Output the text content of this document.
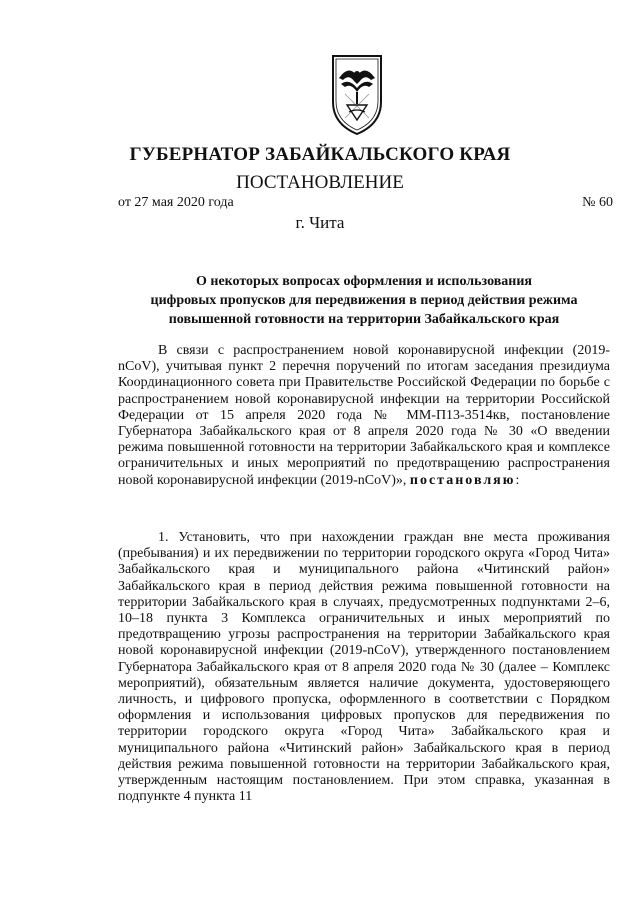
ГУБЕРНАТОР ЗАБАЙКАЛЬСКОГО КРАЯ
ПОСТАНОВЛЕНИЕ
от 27 мая 2020 года	№ 60
г. Чита
О некоторых вопросах оформления и использования
цифровых пропусков для передвижения в период действия режима
повышенной готовности на территории Забайкальского края

В связи с распространением новой коронавирусной инфекции (2019-nCoV), учитывая пункт 2 перечня поручений по итогам заседания президиума Координационного совета при Правительстве Российской Федерации по борьбе с распространением новой коронавирусной инфекции на территории Российской Федерации от 15 апреля 2020 года № ММ-П13-3514кв, постановление Губернатора Забайкальского края от 8 апреля 2020 года № 30 «О введении режима повышенной готовности на территории Забайкальского края и комплексе ограничительных и иных мероприятий по предотвращению распространения новой коронавирусной инфекции (2019-nCoV)», постановляю:

1. Установить, что при нахождении граждан вне места проживания (пребывания) и их передвижении по территории городского округа «Город Чита» Забайкальского края и муниципального района «Читинский район» Забайкальского края в период действия режима повышенной готовности на территории Забайкальского края в случаях, предусмотренных подпунктами 2–6, 10–18 пункта 3 Комплекса ограничительных и иных мероприятий по предотвращению угрозы распространения на территории Забайкальского края новой коронавирусной инфекции (2019-nCoV), утвержденного постановлением Губернатора Забайкальского края от 8 апреля 2020 года № 30 (далее – Комплекс мероприятий), обязательным является наличие документа, удостоверяющего личность, и цифрового пропуска, оформленного в соответствии с Порядком оформления и использования цифровых пропусков для передвижения по территории городского округа «Город Чита» Забайкальского края и муниципального района «Читинский район» Забайкальского края в период действия режима повышенной готовности на территории Забайкальского края, утвержденным настоящим постановлением. При этом справка, указанная в подпункте 4 пункта 11
